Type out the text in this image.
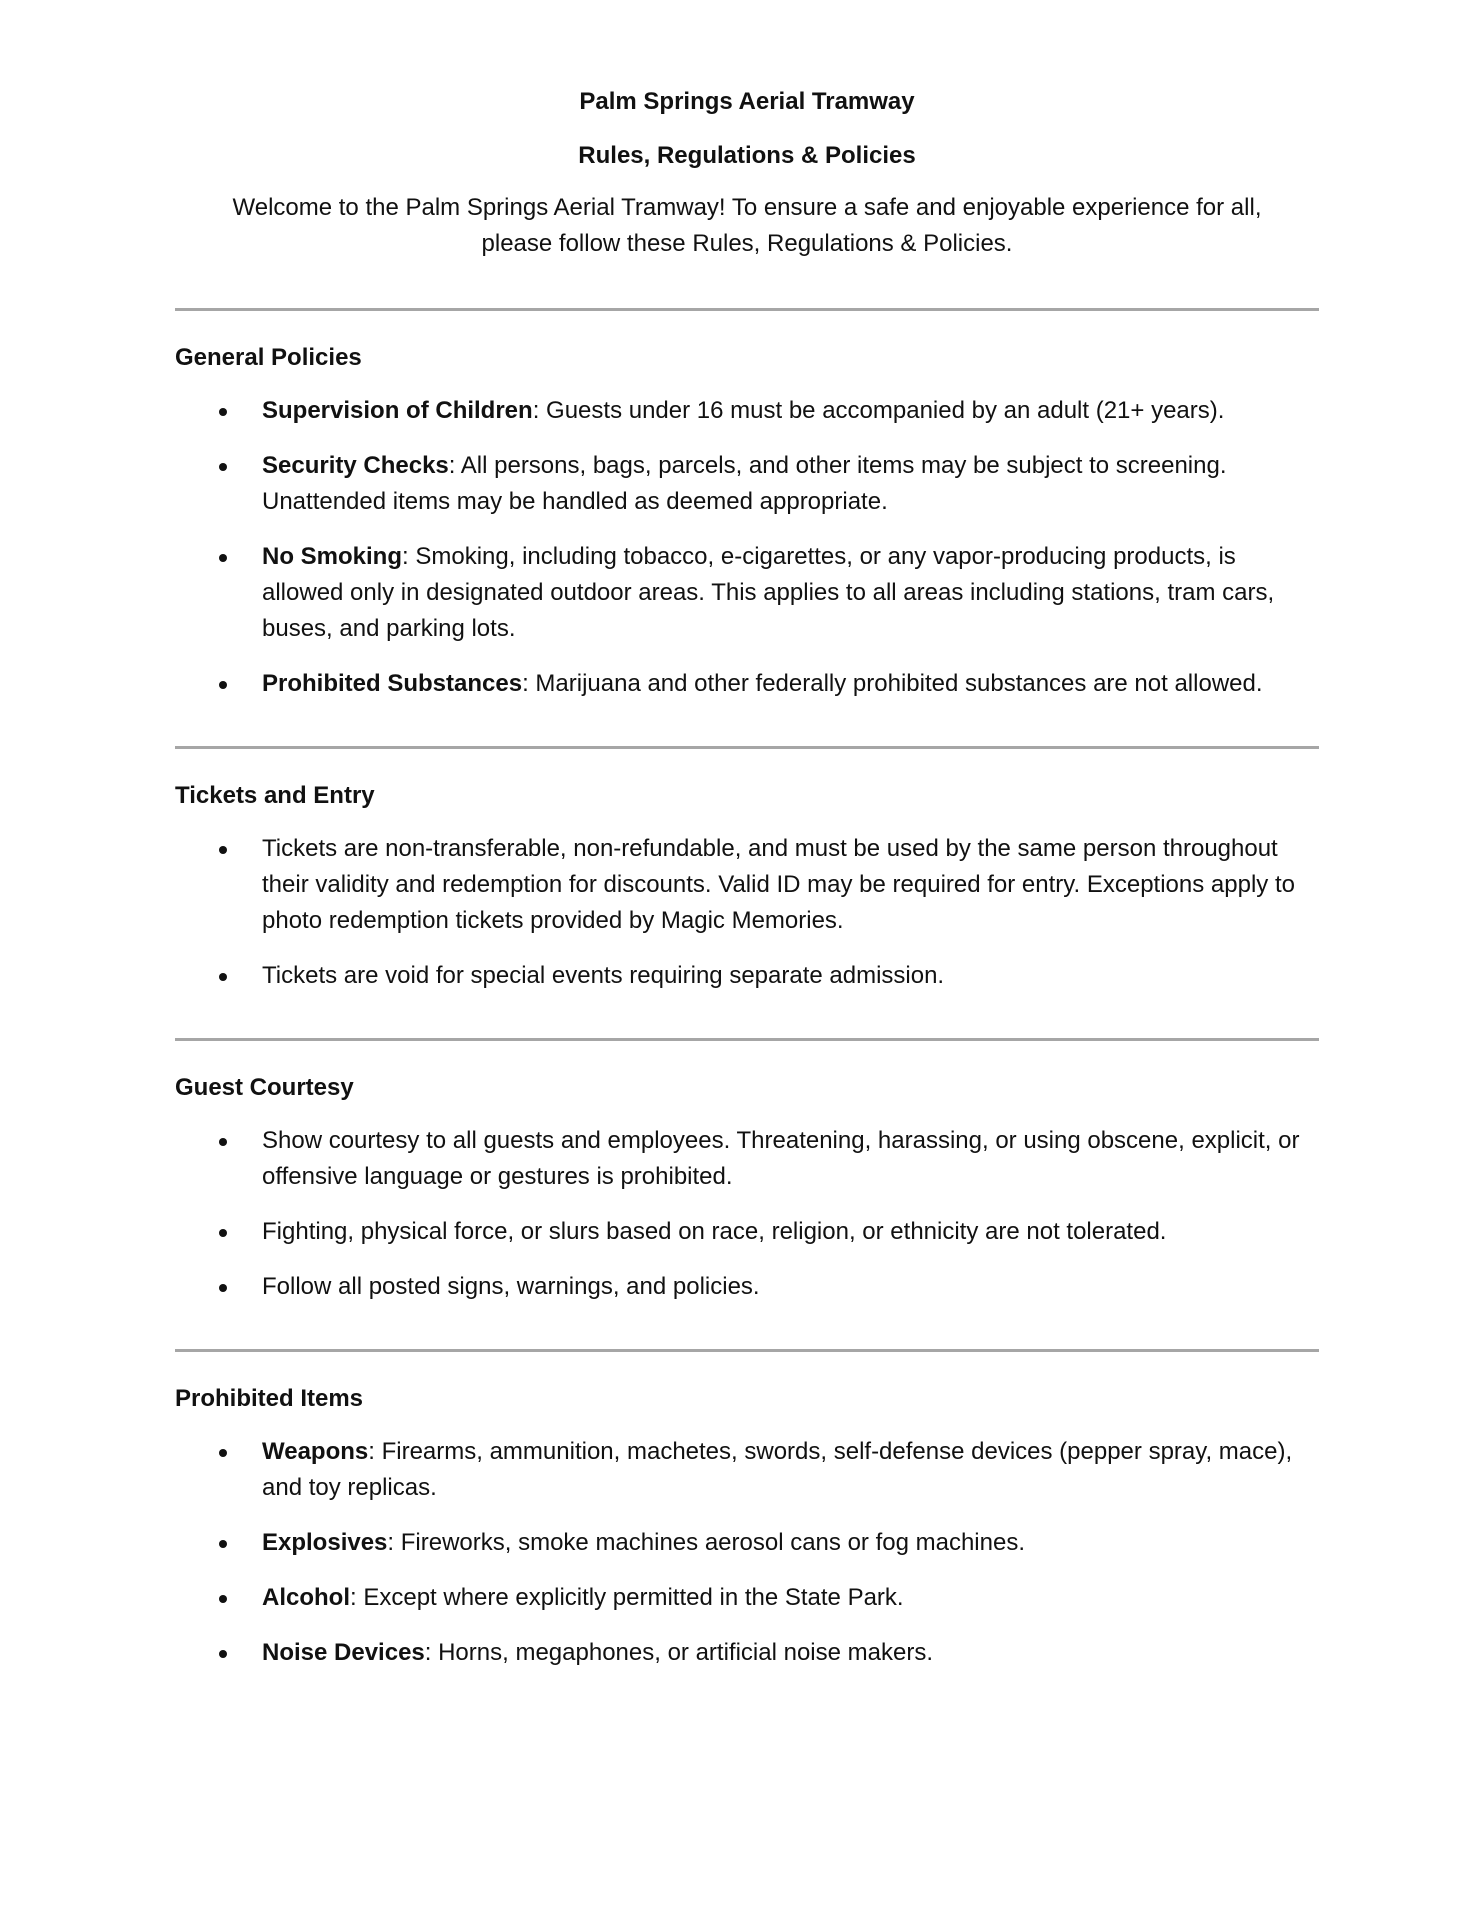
Palm Springs Aerial Tramway
Rules, Regulations & Policies
Welcome to the Palm Springs Aerial Tramway! To ensure a safe and enjoyable experience for all, please follow these Rules, Regulations & Policies.
General Policies
Supervision of Children: Guests under 16 must be accompanied by an adult (21+ years).
Security Checks: All persons, bags, parcels, and other items may be subject to screening. Unattended items may be handled as deemed appropriate.
No Smoking: Smoking, including tobacco, e-cigarettes, or any vapor-producing products, is allowed only in designated outdoor areas. This applies to all areas including stations, tram cars, buses, and parking lots.
Prohibited Substances: Marijuana and other federally prohibited substances are not allowed.
Tickets and Entry
Tickets are non-transferable, non-refundable, and must be used by the same person throughout their validity and redemption for discounts. Valid ID may be required for entry. Exceptions apply to photo redemption tickets provided by Magic Memories.
Tickets are void for special events requiring separate admission.
Guest Courtesy
Show courtesy to all guests and employees. Threatening, harassing, or using obscene, explicit, or offensive language or gestures is prohibited.
Fighting, physical force, or slurs based on race, religion, or ethnicity are not tolerated.
Follow all posted signs, warnings, and policies.
Prohibited Items
Weapons: Firearms, ammunition, machetes, swords, self-defense devices (pepper spray, mace), and toy replicas.
Explosives: Fireworks, smoke machines aerosol cans or fog machines.
Alcohol: Except where explicitly permitted in the State Park.
Noise Devices: Horns, megaphones, or artificial noise makers.
